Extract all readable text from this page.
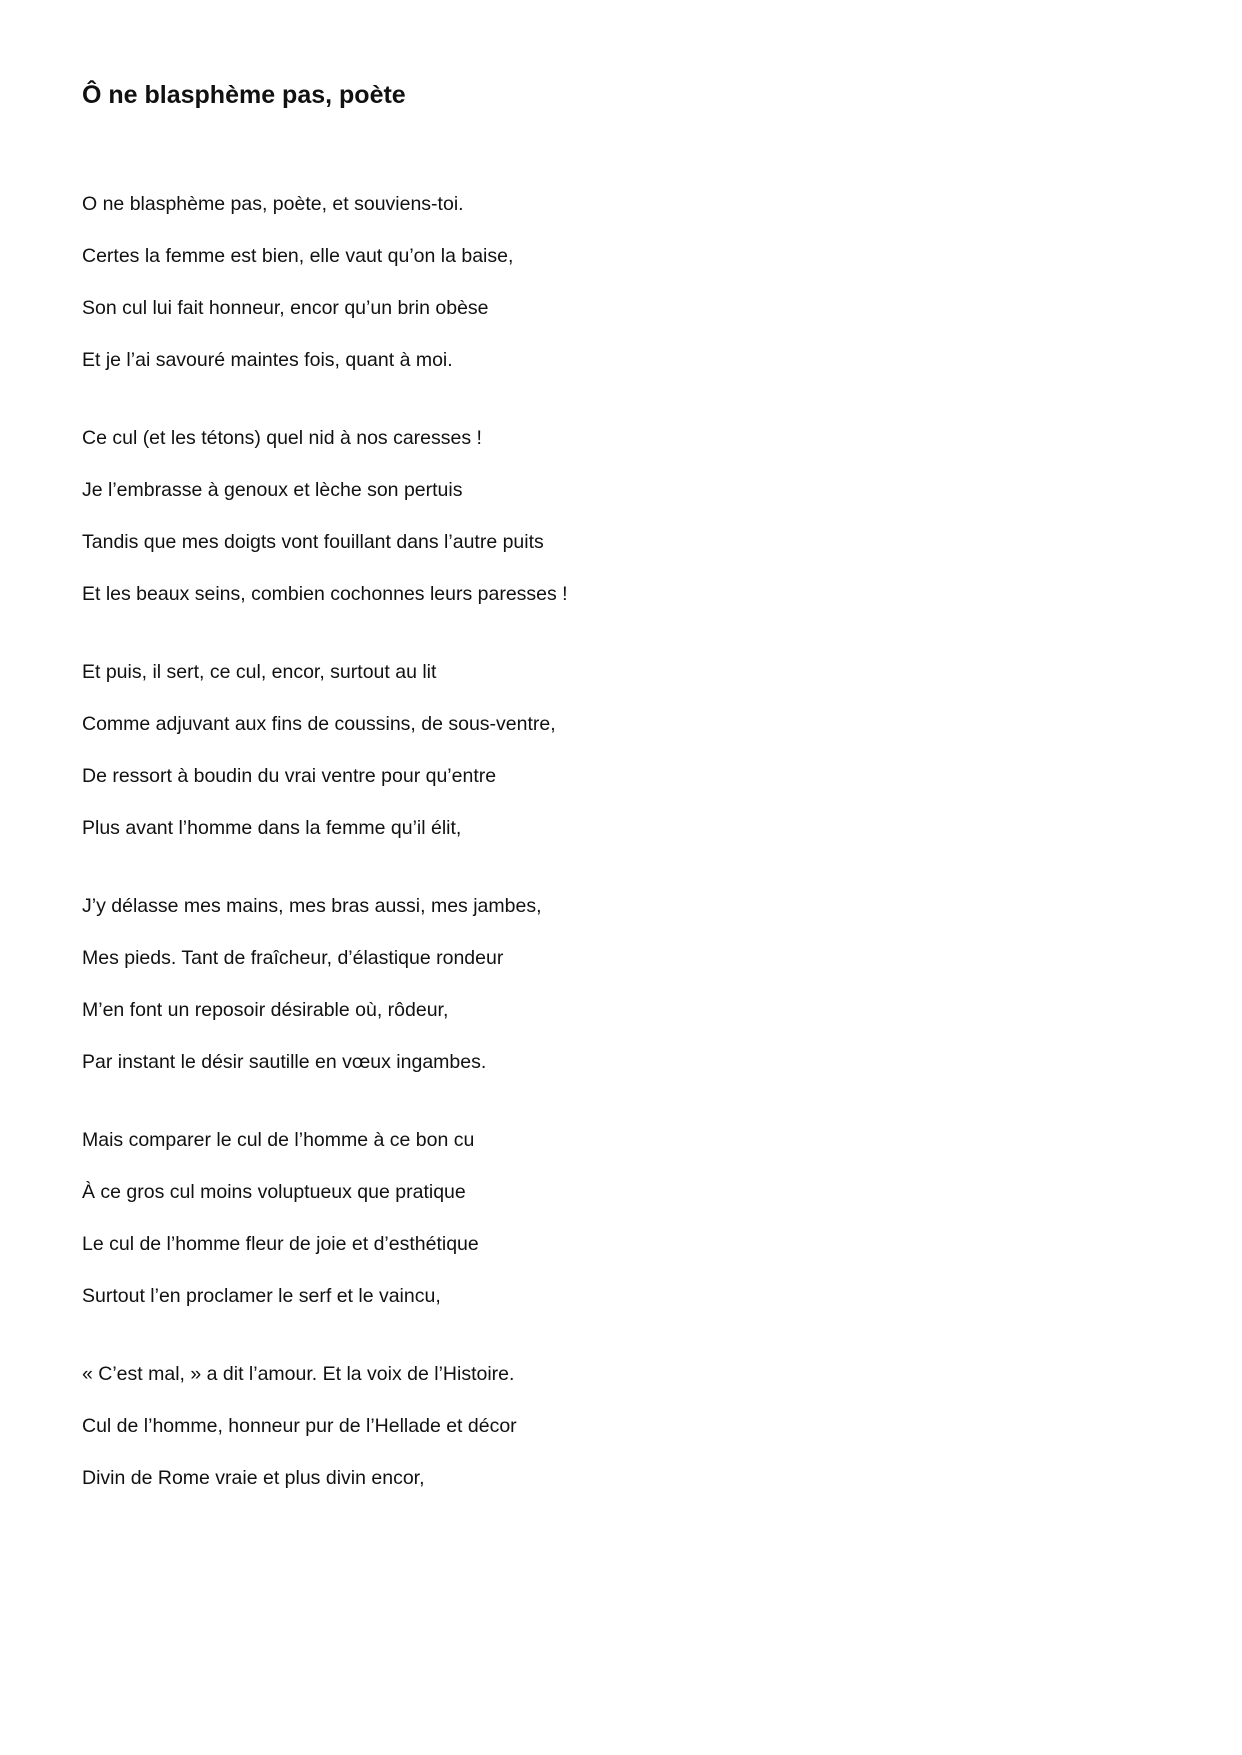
Ô ne blasphème pas, poète
O ne blasphème pas, poète, et souviens-toi.
Certes la femme est bien, elle vaut qu’on la baise,
Son cul lui fait honneur, encor qu’un brin obèse
Et je l’ai savouré maintes fois, quant à moi.
Ce cul (et les tétons) quel nid à nos caresses !
Je l’embrasse à genoux et lèche son pertuis
Tandis que mes doigts vont fouillant dans l’autre puits
Et les beaux seins, combien cochonnes leurs paresses !
Et puis, il sert, ce cul, encor, surtout au lit
Comme adjuvant aux fins de coussins, de sous-ventre,
De ressort à boudin du vrai ventre pour qu’entre
Plus avant l’homme dans la femme qu’il élit,
J’y délasse mes mains, mes bras aussi, mes jambes,
Mes pieds. Tant de fraîcheur, d’élastique rondeur
M’en font un reposoir désirable où, rôdeur,
Par instant le désir sautille en vœux ingambes.
Mais comparer le cul de l’homme à ce bon cu
À ce gros cul moins voluptueux que pratique
Le cul de l’homme fleur de joie et d’esthétique
Surtout l’en proclamer le serf et le vaincu,
« C’est mal, » a dit l’amour. Et la voix de l’Histoire.
Cul de l’homme, honneur pur de l’Hellade et décor
Divin de Rome vraie et plus divin encor,
